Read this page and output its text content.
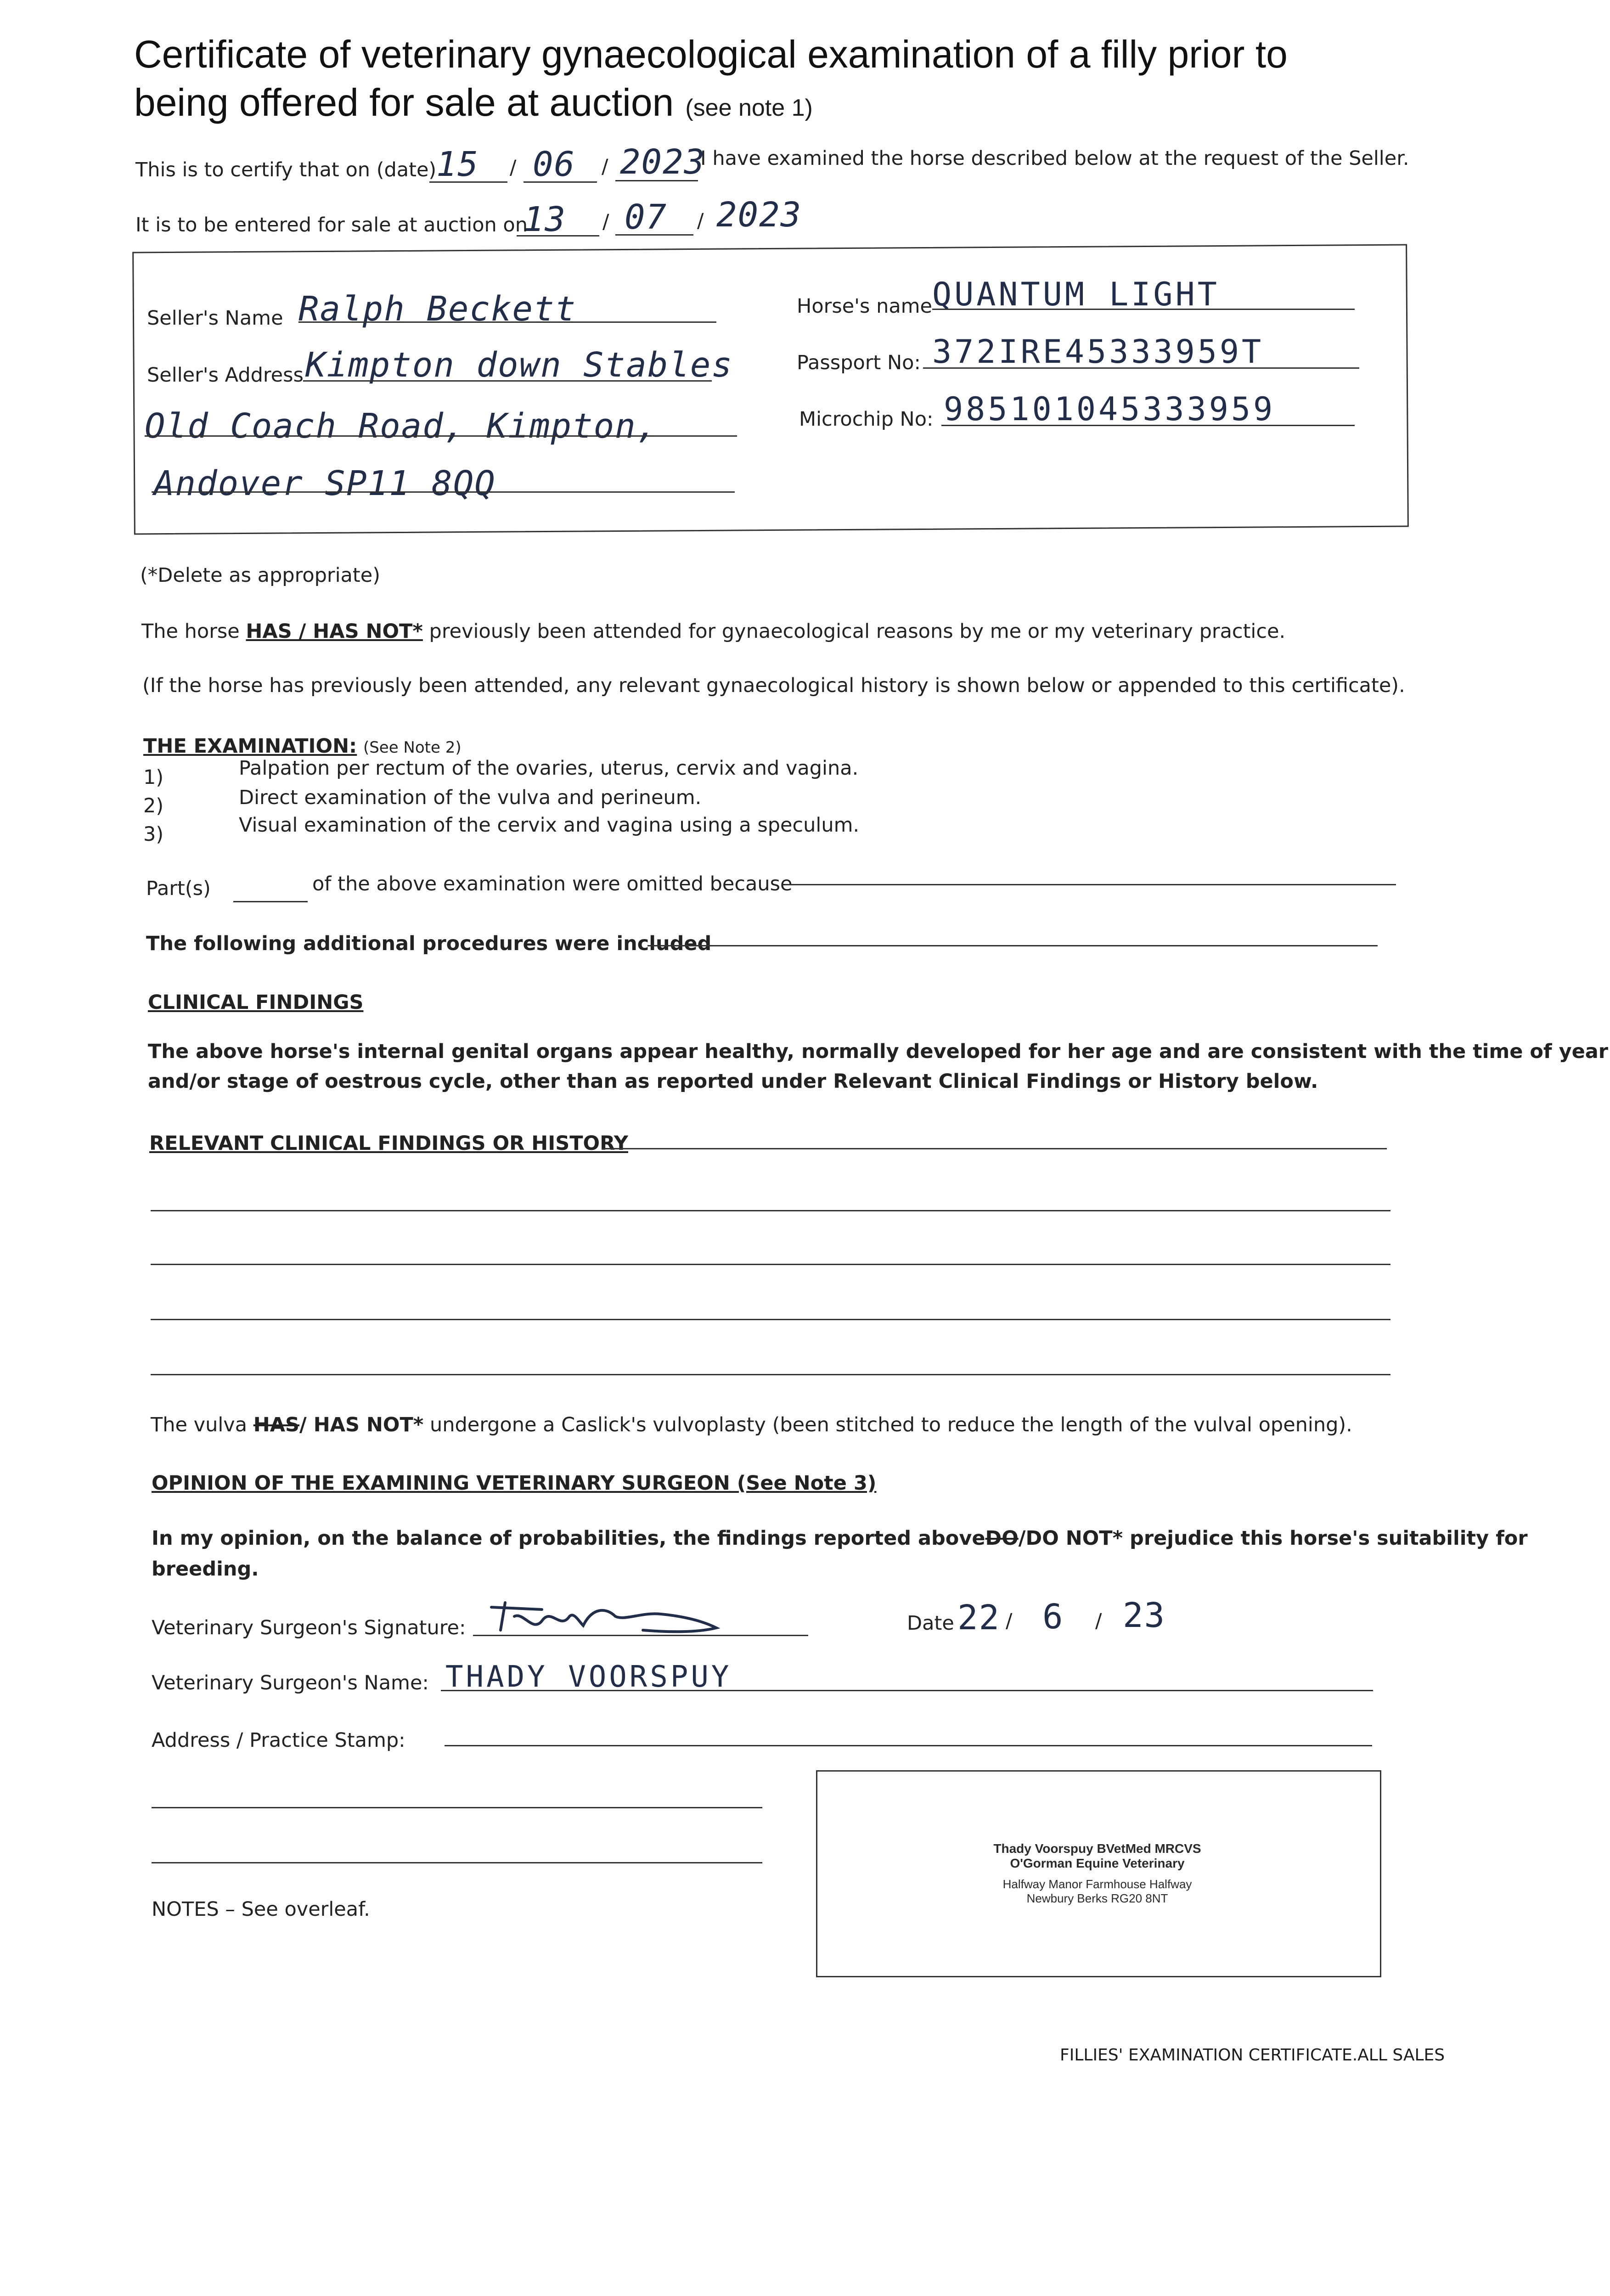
Certificate of veterinary gynaecological examination of a filly prior to
being offered for sale at auction (see note 1)
This is to certify that on (date) 15 / 06 / 2023
I have examined the horse described below at the request of the Seller.
It is to be entered for sale at auction on
13 / 07 / 2023
Seller's Name Ralph Beckett
Seller's Address Kimpton down Stables
Old Coach Road, Kimpton,
Andover SP11 8QQ
Horse's name QUANTUM LIGHT
Passport No: 372IRE45333959T
Microchip No: 985101045333959
(*Delete as appropriate)
The horse HAS / HAS NOT* previously been attended for gynaecological reasons by me or my veterinary practice.
(If the horse has previously been attended, any relevant gynaecological history is shown below or appended to this certificate).
THE EXAMINATION: (See Note 2)
1)	Palpation per rectum of the ovaries, uterus, cervix and vagina.
2)	Direct examination of the vulva and perineum.
3)	Visual examination of the cervix and vagina using a speculum.
Part(s)	of the above examination were omitted because
The following additional procedures were included
CLINICAL FINDINGS
The above horse's internal genital organs appear healthy, normally developed for her age and are consistent with the time of year
and/or stage of oestrous cycle, other than as reported under Relevant Clinical Findings or History below.
RELEVANT CLINICAL FINDINGS OR HISTORY
The vulva HAS/ HAS NOT* undergone a Caslick's vulvoplasty (been stitched to reduce the length of the vulval opening).
OPINION OF THE EXAMINING VETERINARY SURGEON (See Note 3)
In my opinion, on the balance of probabilities, the findings reported aboveDO/DO NOT* prejudice this horse's suitability for
breeding.
Veterinary Surgeon's Signature:	Date 22 / 6 / 23
Veterinary Surgeon's Name: THADY VOORSPUY
Address / Practice Stamp:
Thady Voorspuy BVetMed MRCVS
O'Gorman Equine Veterinary
Halfway Manor Farmhouse Halfway
Newbury Berks RG20 8NT
NOTES – See overleaf.
FILLIES' EXAMINATION CERTIFICATE.ALL SALES
